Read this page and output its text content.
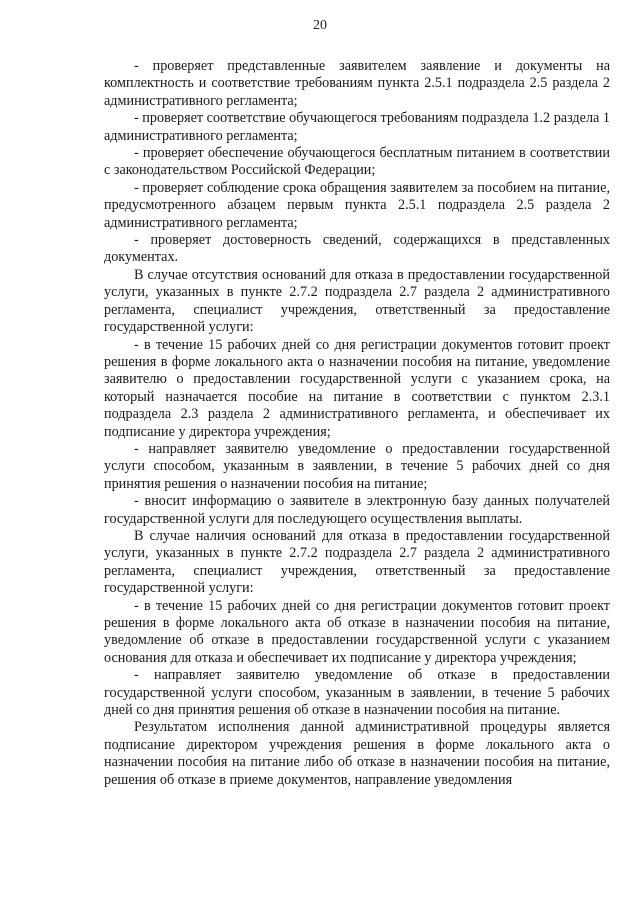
20

- проверяет представленные заявителем заявление и документы на комплектность и соответствие требованиям пункта 2.5.1 подраздела 2.5 раздела 2 административного регламента;

- проверяет соответствие обучающегося требованиям подраздела 1.2 раздела 1 административного регламента;

- проверяет обеспечение обучающегося бесплатным питанием в соответствии с законодательством Российской Федерации;

- проверяет соблюдение срока обращения заявителем за пособием на питание, предусмотренного абзацем первым пункта 2.5.1 подраздела 2.5 раздела 2 административного регламента;

- проверяет достоверность сведений, содержащихся в представленных документах.

В случае отсутствия оснований для отказа в предоставлении государственной услуги, указанных в пункте 2.7.2 подраздела 2.7 раздела 2 административного регламента, специалист учреждения, ответственный за предоставление государственной услуги:

- в течение 15 рабочих дней со дня регистрации документов готовит проект решения в форме локального акта о назначении пособия на питание, уведомление заявителю о предоставлении государственной услуги с указанием срока, на который назначается пособие на питание в соответствии с пунктом 2.3.1 подраздела 2.3 раздела 2 административного регламента, и обеспечивает их подписание у директора учреждения;

- направляет заявителю уведомление о предоставлении государственной услуги способом, указанным в заявлении, в течение 5 рабочих дней со дня принятия решения о назначении пособия на питание;

- вносит информацию о заявителе в электронную базу данных получателей государственной услуги для последующего осуществления выплаты.

В случае наличия оснований для отказа в предоставлении государственной услуги, указанных в пункте 2.7.2 подраздела 2.7 раздела 2 административного регламента, специалист учреждения, ответственный за предоставление государственной услуги:

- в течение 15 рабочих дней со дня регистрации документов готовит проект решения в форме локального акта об отказе в назначении пособия на питание, уведомление об отказе в предоставлении государственной услуги с указанием основания для отказа и обеспечивает их подписание у директора учреждения;

- направляет заявителю уведомление об отказе в предоставлении государственной услуги способом, указанным в заявлении, в течение 5 рабочих дней со дня принятия решения об отказе в назначении пособия на питание.

Результатом исполнения данной административной процедуры является подписание директором учреждения решения в форме локального акта о назначении пособия на питание либо об отказе в назначении пособия на питание, решения об отказе в приеме документов, направление уведомления
